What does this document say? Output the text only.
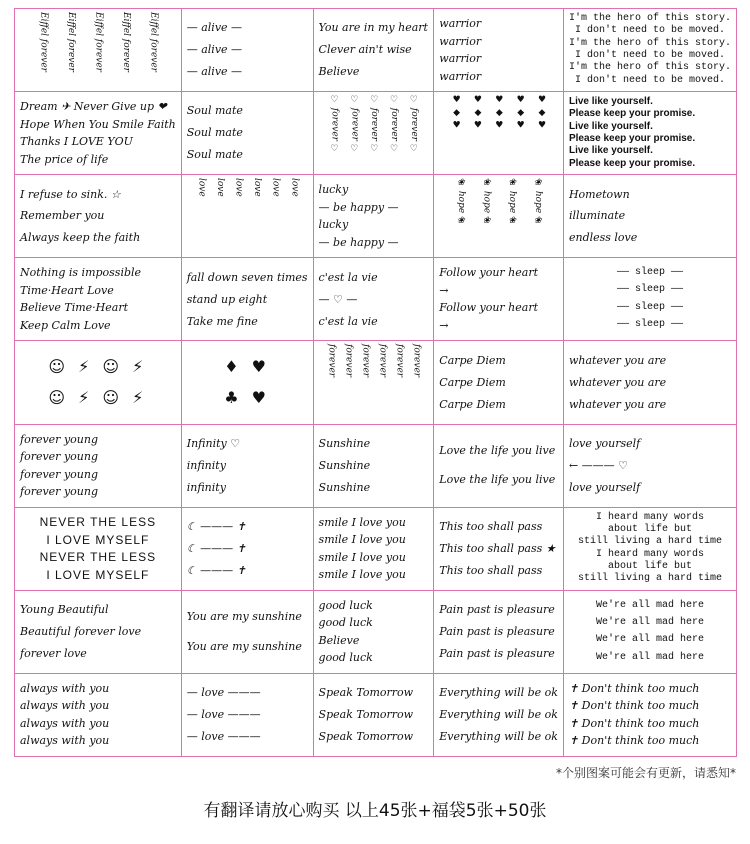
Eiffel forever Eiffel forever Eiffel forever Eiffel forever Eiffel forever	— alive —
— alive —
— alive —
You are in my heart
Clever ain't wise
Believe
warrior
warrior
warrior
warrior
I'm the hero of this story.
I don't need to be moved.
I'm the hero of this story.
I don't need to be moved.
I'm the hero of this story.
I don't need to be moved.
Dream ✈ Never Give up ❤
Hope When You Smile Faith
Thanks I LOVE YOU
The price of life
Soul mate
Soul mate
Soul mate
♡ forever ♡ ♡ forever ♡ ♡ forever ♡ ♡ forever ♡ ♡ forever ♡	♥ ◆ ♥ ♥ ◆ ♥ ♥ ◆ ♥ ♥ ◆ ♥ ♥ ◆ ♥ Live like yourself.
Please keep your promise.
Live like yourself.
Please keep your promise.
Live like yourself.
Please keep your promise.
I refuse to sink. ☆
Remember you
Always keep the faith
love love love love love love lucky
— be happy —
lucky
— be happy —
❀ hope ❀ ❀ hope ❀ ❀ hope ❀ ❀ hope ❀ Hometown
illuminate
endless love
Nothing is impossible
Time·Heart Love
Believe Time·Heart
Keep Calm Love
fall down seven times
stand up eight
Take me fine
c'est la vie
— ♡ —
c'est la vie
Follow your heart
→
Follow your heart
→
—— sleep ——
—— sleep ——
—— sleep ——
—— sleep ——
☺ ⚡ ☺ ⚡
☺ ⚡ ☺ ⚡
♦ ♥
♣ ♥
forever forever forever forever forever forever Carpe Diem
Carpe Diem
Carpe Diem
whatever you are
whatever you are
whatever you are
forever young
forever young
forever young
forever young
Infinity ♡
infinity
infinity
Sunshine
Sunshine
Sunshine
Love the life you live
Love the life you live
love yourself
← ——— ♡
love yourself
NEVER THE LESS
I LOVE MYSELF
NEVER THE LESS
I LOVE MYSELF
☾ ——— ✝
☾ ——— ✝
☾ ——— ✝
smile I love you
smile I love you
smile I love you
smile I love you
This too shall pass
This too shall pass ★
This too shall pass
I heard many words
about life but
still living a hard time
I heard many words
about life but
still living a hard time
Young Beautiful
Beautiful forever love
forever love
You are my sunshine
You are my sunshine
good luck
good luck
Believe
good luck
Pain past is pleasure
Pain past is pleasure
Pain past is pleasure
We're all mad here
We're all mad here
We're all mad here
We're all mad here
always with you
always with you
always with you
always with you
— love ———
— love ———
— love ———
Speak Tomorrow
Speak Tomorrow
Speak Tomorrow
Everything will be ok
Everything will be ok
Everything will be ok
✝ Don't think too much
✝ Don't think too much
✝ Don't think too much
✝ Don't think too much
*个别图案可能会有更新，请悉知*
有翻译请放心购买 以上45张+福袋5张+50张
